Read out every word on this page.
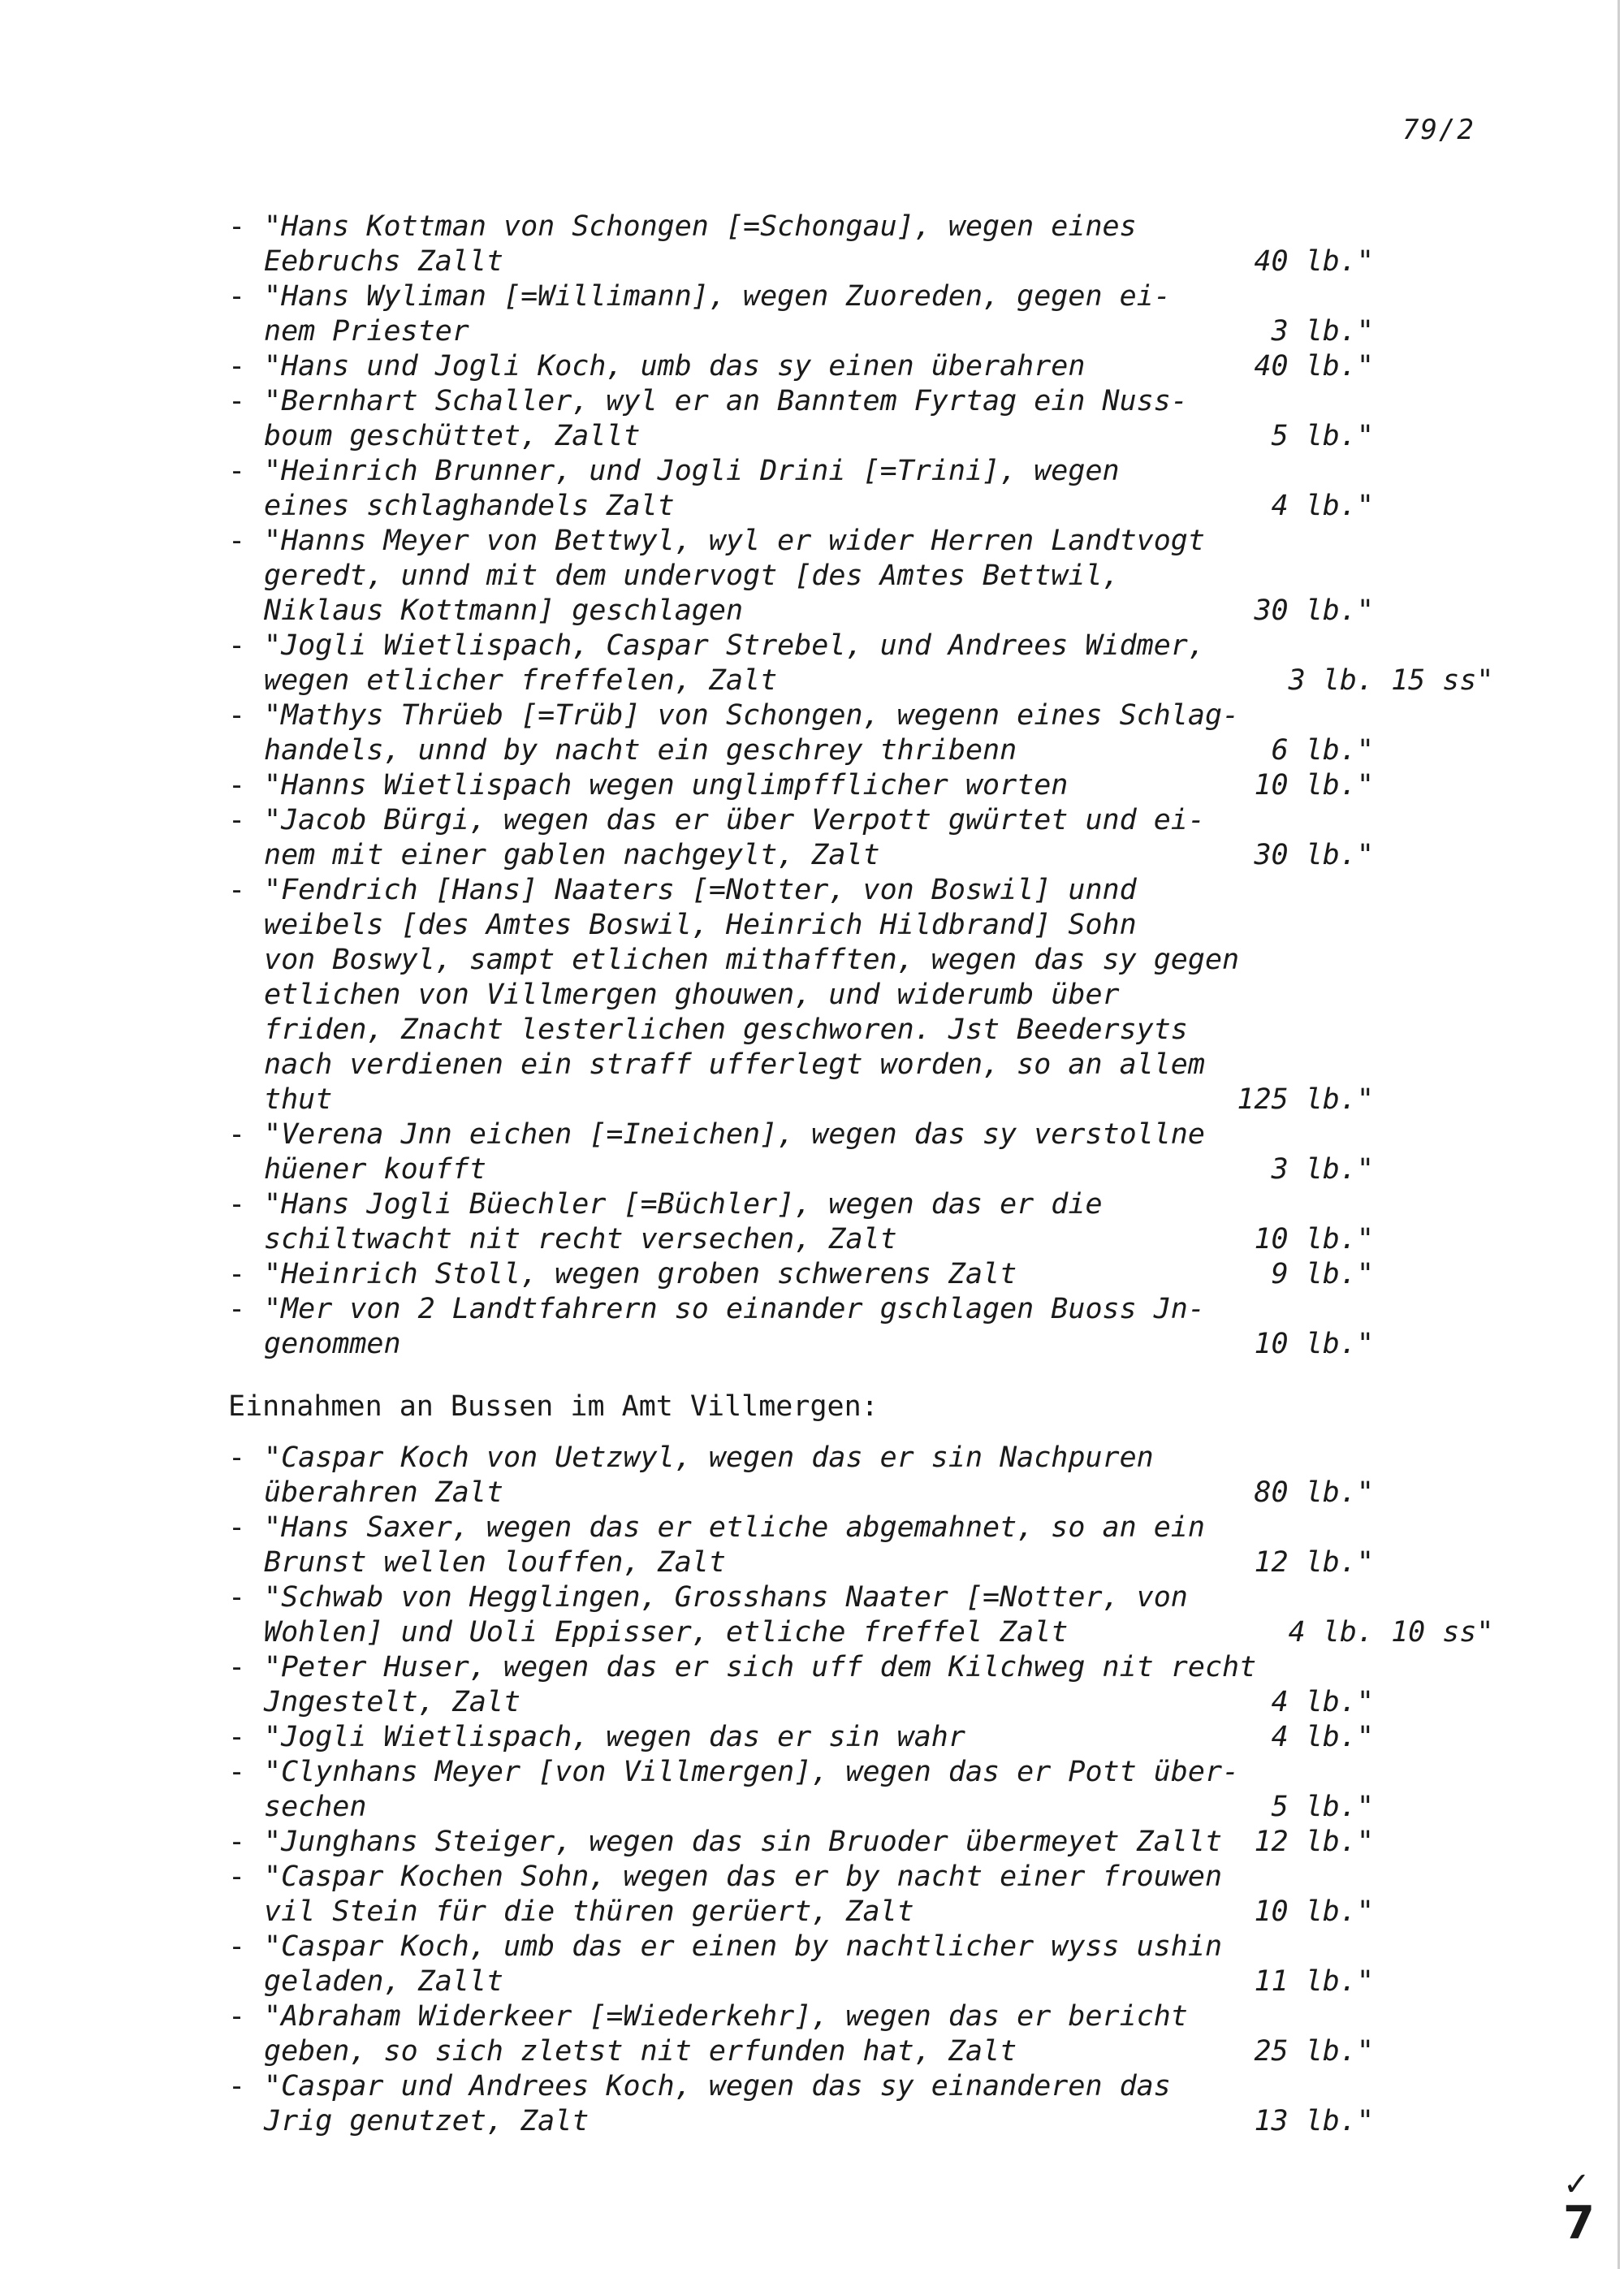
79/2
- "Hans Kottman von Schongen [=Schongau], wegen eines
Eebruchs Zallt	40 lb."
- "Hans Wyliman [=Willimann], wegen Zuoreden, gegen ei-
nem Priester	3 lb."
- "Hans und Jogli Koch, umb das sy einen überahren	40 lb."
- "Bernhart Schaller, wyl er an Banntem Fyrtag ein Nuss-
boum geschüttet, Zallt	5 lb."
- "Heinrich Brunner, und Jogli Drini [=Trini], wegen
eines schlaghandels Zalt	4 lb."
- "Hanns Meyer von Bettwyl, wyl er wider Herren Landtvogt
geredt, unnd mit dem undervogt [des Amtes Bettwil,
Niklaus Kottmann] geschlagen	30 lb."
- "Jogli Wietlispach, Caspar Strebel, und Andrees Widmer,
wegen etlicher freffelen, Zalt	3 lb. 15 ss"
- "Mathys Thrüeb [=Trüb] von Schongen, wegenn eines Schlag-
handels, unnd by nacht ein geschrey thribenn	6 lb."
- "Hanns Wietlispach wegen unglimpfflicher worten	10 lb."
- "Jacob Bürgi, wegen das er über Verpott gwürtet und ei-
nem mit einer gablen nachgeylt, Zalt	30 lb."
- "Fendrich [Hans] Naaters [=Notter, von Boswil] unnd
weibels [des Amtes Boswil, Heinrich Hildbrand] Sohn
von Boswyl, sampt etlichen mithafften, wegen das sy gegen
etlichen von Villmergen ghouwen, und widerumb über
friden, Znacht lesterlichen geschworen. Jst Beedersyts
nach verdienen ein straff ufferlegt worden, so an allem
thut	125 lb."
- "Verena Jnn eichen [=Ineichen], wegen das sy verstollne
hüener koufft	3 lb."
- "Hans Jogli Büechler [=Büchler], wegen das er die
schiltwacht nit recht versechen, Zalt	10 lb."
- "Heinrich Stoll, wegen groben schwerens Zalt	9 lb."
- "Mer von 2 Landtfahrern so einander gschlagen Buoss Jn-
genommen	10 lb."
- "Caspar Koch von Uetzwyl, wegen das er sin Nachpuren
überahren Zalt	80 lb."
- "Hans Saxer, wegen das er etliche abgemahnet, so an ein
Brunst wellen louffen, Zalt	12 lb."
- "Schwab von Hegglingen, Grosshans Naater [=Notter, von
Wohlen] und Uoli Eppisser, etliche freffel Zalt	4 lb. 10 ss"
- "Peter Huser, wegen das er sich uff dem Kilchweg nit recht
Jngestelt, Zalt	4 lb."
- "Jogli Wietlispach, wegen das er sin wahr	4 lb."
- "Clynhans Meyer [von Villmergen], wegen das er Pott über-
sechen	5 lb."
- "Junghans Steiger, wegen das sin Bruoder übermeyet Zallt	12 lb."
- "Caspar Kochen Sohn, wegen das er by nacht einer frouwen
vil Stein für die thüren gerüert, Zalt	10 lb."
- "Caspar Koch, umb das er einen by nachtlicher wyss ushin
geladen, Zallt	11 lb."
- "Abraham Widerkeer [=Wiederkehr], wegen das er bericht
geben, so sich zletst nit erfunden hat, Zalt	25 lb."
- "Caspar und Andrees Koch, wegen das sy einanderen das
Jrig genutzet, Zalt	13 lb."
Einnahmen an Bussen im Amt Villmergen:
✓
7
